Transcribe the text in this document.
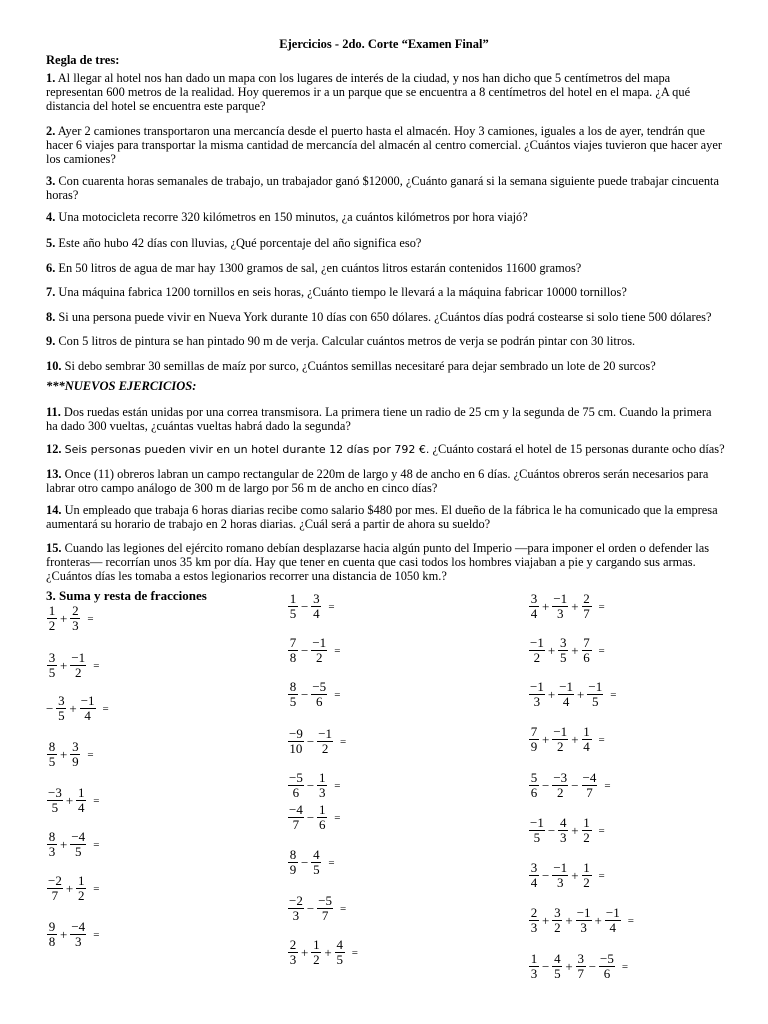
Ejercicios - 2do. Corte “Examen Final”
Regla de tres:
1. Al llegar al hotel nos han dado un mapa con los lugares de interés de la ciudad, y nos han dicho que 5 centímetros del mapa representan 600 metros de la realidad. Hoy queremos ir a un parque que se encuentra a 8 centímetros del hotel en el mapa. ¿A qué distancia del hotel se encuentra este parque?
2. Ayer 2 camiones transportaron una mercancía desde el puerto hasta el almacén. Hoy 3 camiones, iguales a los de ayer, tendrán que hacer 6 viajes para transportar la misma cantidad de mercancía del almacén al centro comercial. ¿Cuántos viajes tuvieron que hacer ayer los camiones?
3. Con cuarenta horas semanales de trabajo, un trabajador ganó $12000, ¿Cuánto ganará si la semana siguiente puede trabajar cincuenta horas?
4. Una motocicleta recorre 320 kilómetros en 150 minutos, ¿a cuántos kilómetros por hora viajó?
5. Este año hubo 42 días con lluvias, ¿Qué porcentaje del año significa eso?
6. En 50 litros de agua de mar hay 1300 gramos de sal, ¿en cuántos litros estarán contenidos 11600 gramos?
7. Una máquina fabrica 1200 tornillos en seis horas, ¿Cuánto tiempo le llevará a la máquina fabricar 10000 tornillos?
8. Si una persona puede vivir en Nueva York durante 10 días con 650 dólares. ¿Cuántos días podrá costearse si solo tiene 500 dólares?
9. Con 5 litros de pintura se han pintado 90 m de verja. Calcular cuántos metros de verja se podrán pintar con 30 litros.
10. Si debo sembrar 30 semillas de maíz por surco, ¿Cuántos semillas necesitaré para dejar sembrado un lote de 20 surcos?
***NUEVOS EJERCICIOS:
11. Dos ruedas están unidas por una correa transmisora. La primera tiene un radio de 25 cm y la segunda de 75 cm. Cuando la primera ha dado 300 vueltas, ¿cuántas vueltas habrá dado la segunda?
12. Seis personas pueden vivir en un hotel durante 12 días por 792 €. ¿Cuánto costará el hotel de 15 personas durante ocho días?
13. Once (11) obreros labran un campo rectangular de 220m de largo y 48 de ancho en 6 días. ¿Cuántos obreros serán necesarios para labrar otro campo análogo de 300 m de largo por 56 m de ancho en cinco días?
14. Un empleado que trabaja 6 horas diarias recibe como salario $480 por mes. El dueño de la fábrica le ha comunicado que la empresa aumentará su horario de trabajo en 2 horas diarias. ¿Cuál será a partir de ahora su sueldo?
15. Cuando las legiones del ejército romano debían desplazarse hacia algún punto del Imperio —para imponer el orden o defender las fronteras— recorrían unos 35 km por día. Hay que tener en cuenta que casi todos los hombres viajaban a pie y cargando sus armas. ¿Cuántos días les tomaba a estos legionarios recorrer una distancia de 1050 km.?
3. Suma y resta de fracciones
$\frac{1}{2} + \frac{2}{3}$ =
$\frac{3}{5} + \frac{-1}{2}$ =
− $\frac{3}{5} + \frac{-1}{4}$ =
$\frac{8}{5} + \frac{3}{9}$ =
$\frac{-3}{5} + \frac{1}{4}$ =
$\frac{8}{3} + \frac{-4}{5}$ =
$\frac{-2}{7} + \frac{1}{2}$ =
$\frac{9}{8} + \frac{-4}{3}$ =
$\frac{1}{5} - \frac{3}{4}$ =
$\frac{7}{8} - \frac{-1}{2}$ =
$\frac{8}{5} - \frac{-5}{6}$ =
$\frac{-9}{10} - \frac{-1}{2}$ =
$\frac{-5}{6} - \frac{1}{3}$ =
$\frac{-4}{7} - \frac{1}{6}$ =
$\frac{8}{9} - \frac{4}{5}$ =
$\frac{-2}{3} - \frac{-5}{7}$ =
$\frac{2}{3} + \frac{1}{2} + \frac{4}{5}$ =
$\frac{3}{4} + \frac{-1}{3} + \frac{2}{7}$ =
$\frac{-1}{2} + \frac{3}{5} + \frac{7}{6}$ =
$\frac{-1}{3} + \frac{-1}{4} + \frac{-1}{5}$ =
$\frac{7}{9} + \frac{-1}{2} + \frac{1}{4}$ =
$\frac{5}{6} - \frac{-3}{2} - \frac{-4}{7}$ =
$\frac{-1}{5} - \frac{4}{3} + \frac{1}{2}$ =
$\frac{3}{4} - \frac{-1}{3} + \frac{1}{2}$ =
$\frac{2}{3} + \frac{3}{2} + \frac{-1}{3} + \frac{-1}{4}$ =
$\frac{1}{3} - \frac{4}{5} + \frac{3}{7} - \frac{-5}{6}$ =
